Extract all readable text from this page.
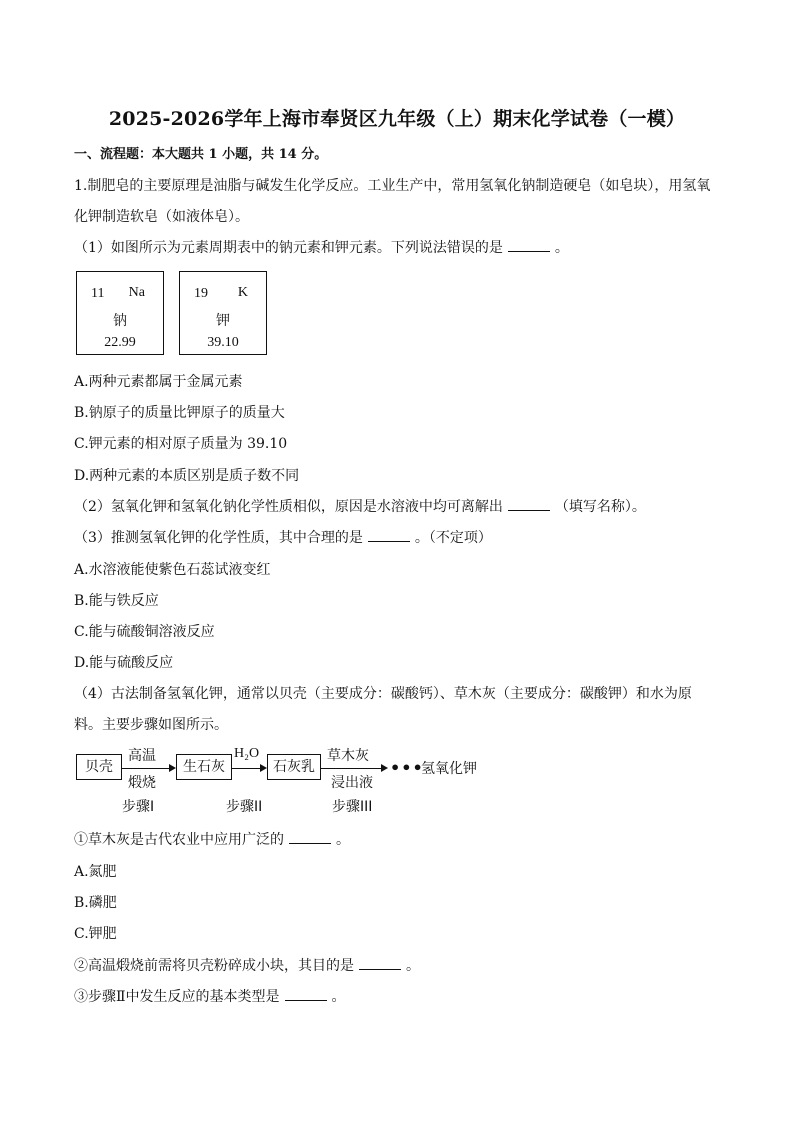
2025-2026学年上海市奉贤区九年级（上）期末化学试卷（一模）
一、流程题：本大题共 1 小题，共 14 分。
1.制肥皂的主要原理是油脂与碱发生化学反应。工业生产中，常用氢氧化钠制造硬皂（如皂块），用氢氧
化钾制造软皂（如液体皂）。
（1）如图所示为元素周期表中的钠元素和钾元素。下列说法错误的是	。
11 Na
钠
22.99
19 K
钾
39.10
A.两种元素都属于金属元素
B.钠原子的质量比钾原子的质量大
C.钾元素的相对原子质量为 39.10
D.两种元素的本质区别是质子数不同
（2）氢氧化钾和氢氧化钠化学性质相似，原因是水溶液中均可离解出	（填写名称）。
（3）推测氢氧化钾的化学性质，其中合理的是	。（不定项）
A.水溶液能使紫色石蕊试液变红
B.能与铁反应
C.能与硫酸铜溶液反应
D.能与硫酸反应
（4）古法制备氢氧化钾，通常以贝壳（主要成分：碳酸钙）、草木灰（主要成分：碳酸钾）和水为原
料。主要步骤如图所示。
贝壳
高温
煅烧
生石灰
H₂O
石灰乳
草木灰
浸出液
•••
氢氧化钾
步骤I	步骤II	步骤III
①草木灰是古代农业中应用广泛的	。
A.氮肥
B.磷肥
C.钾肥
②高温煅烧前需将贝壳粉碎成小块，其目的是	。
③步骤Ⅱ中发生反应的基本类型是	。
